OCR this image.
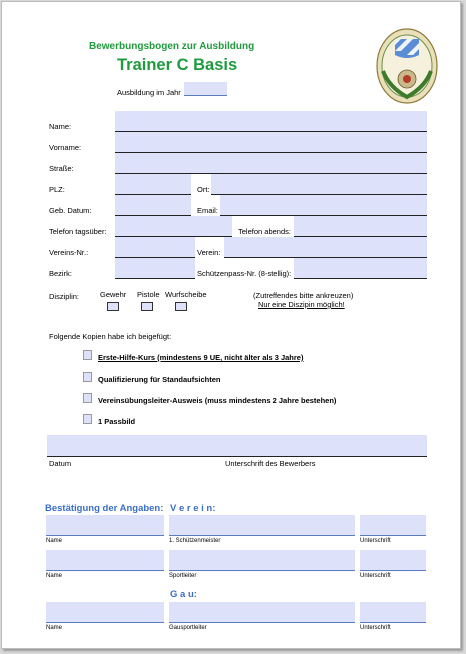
Bewerbungsbogen zur Ausbildung
Trainer C Basis
Ausbildung im Jahr
Name:
Vorname:
Straße:
PLZ:	Ort:
Geb. Datum:	Email:
Telefon tagsüber:	Telefon abends:
Vereins-Nr.:	Verein:
Bezirk:	Schützenpass-Nr. (8-stellig):
Disziplin:	Gewehr Pistole Wurfscheibe	(Zutreffendes bitte ankreuzen)
Nur eine Diszipin möglich!
Folgende Kopien habe ich beigefügt:
Erste-Hilfe-Kurs (mindestens 9 UE, nicht älter als 3 Jahre)
Qualifizierung für Standaufsichten
Vereinsübungsleiter-Ausweis (muss mindestens 2 Jahre bestehen)
1 Passbild
Datum	Unterschrift des Bewerbers
Bestätigung der Angaben: V e r e i n:
Name	1. Schützenmeister	Unterschrift
Name	Sportleiter	Unterschrift
G a u:
Name	Gausportleiter	Unterschrift
